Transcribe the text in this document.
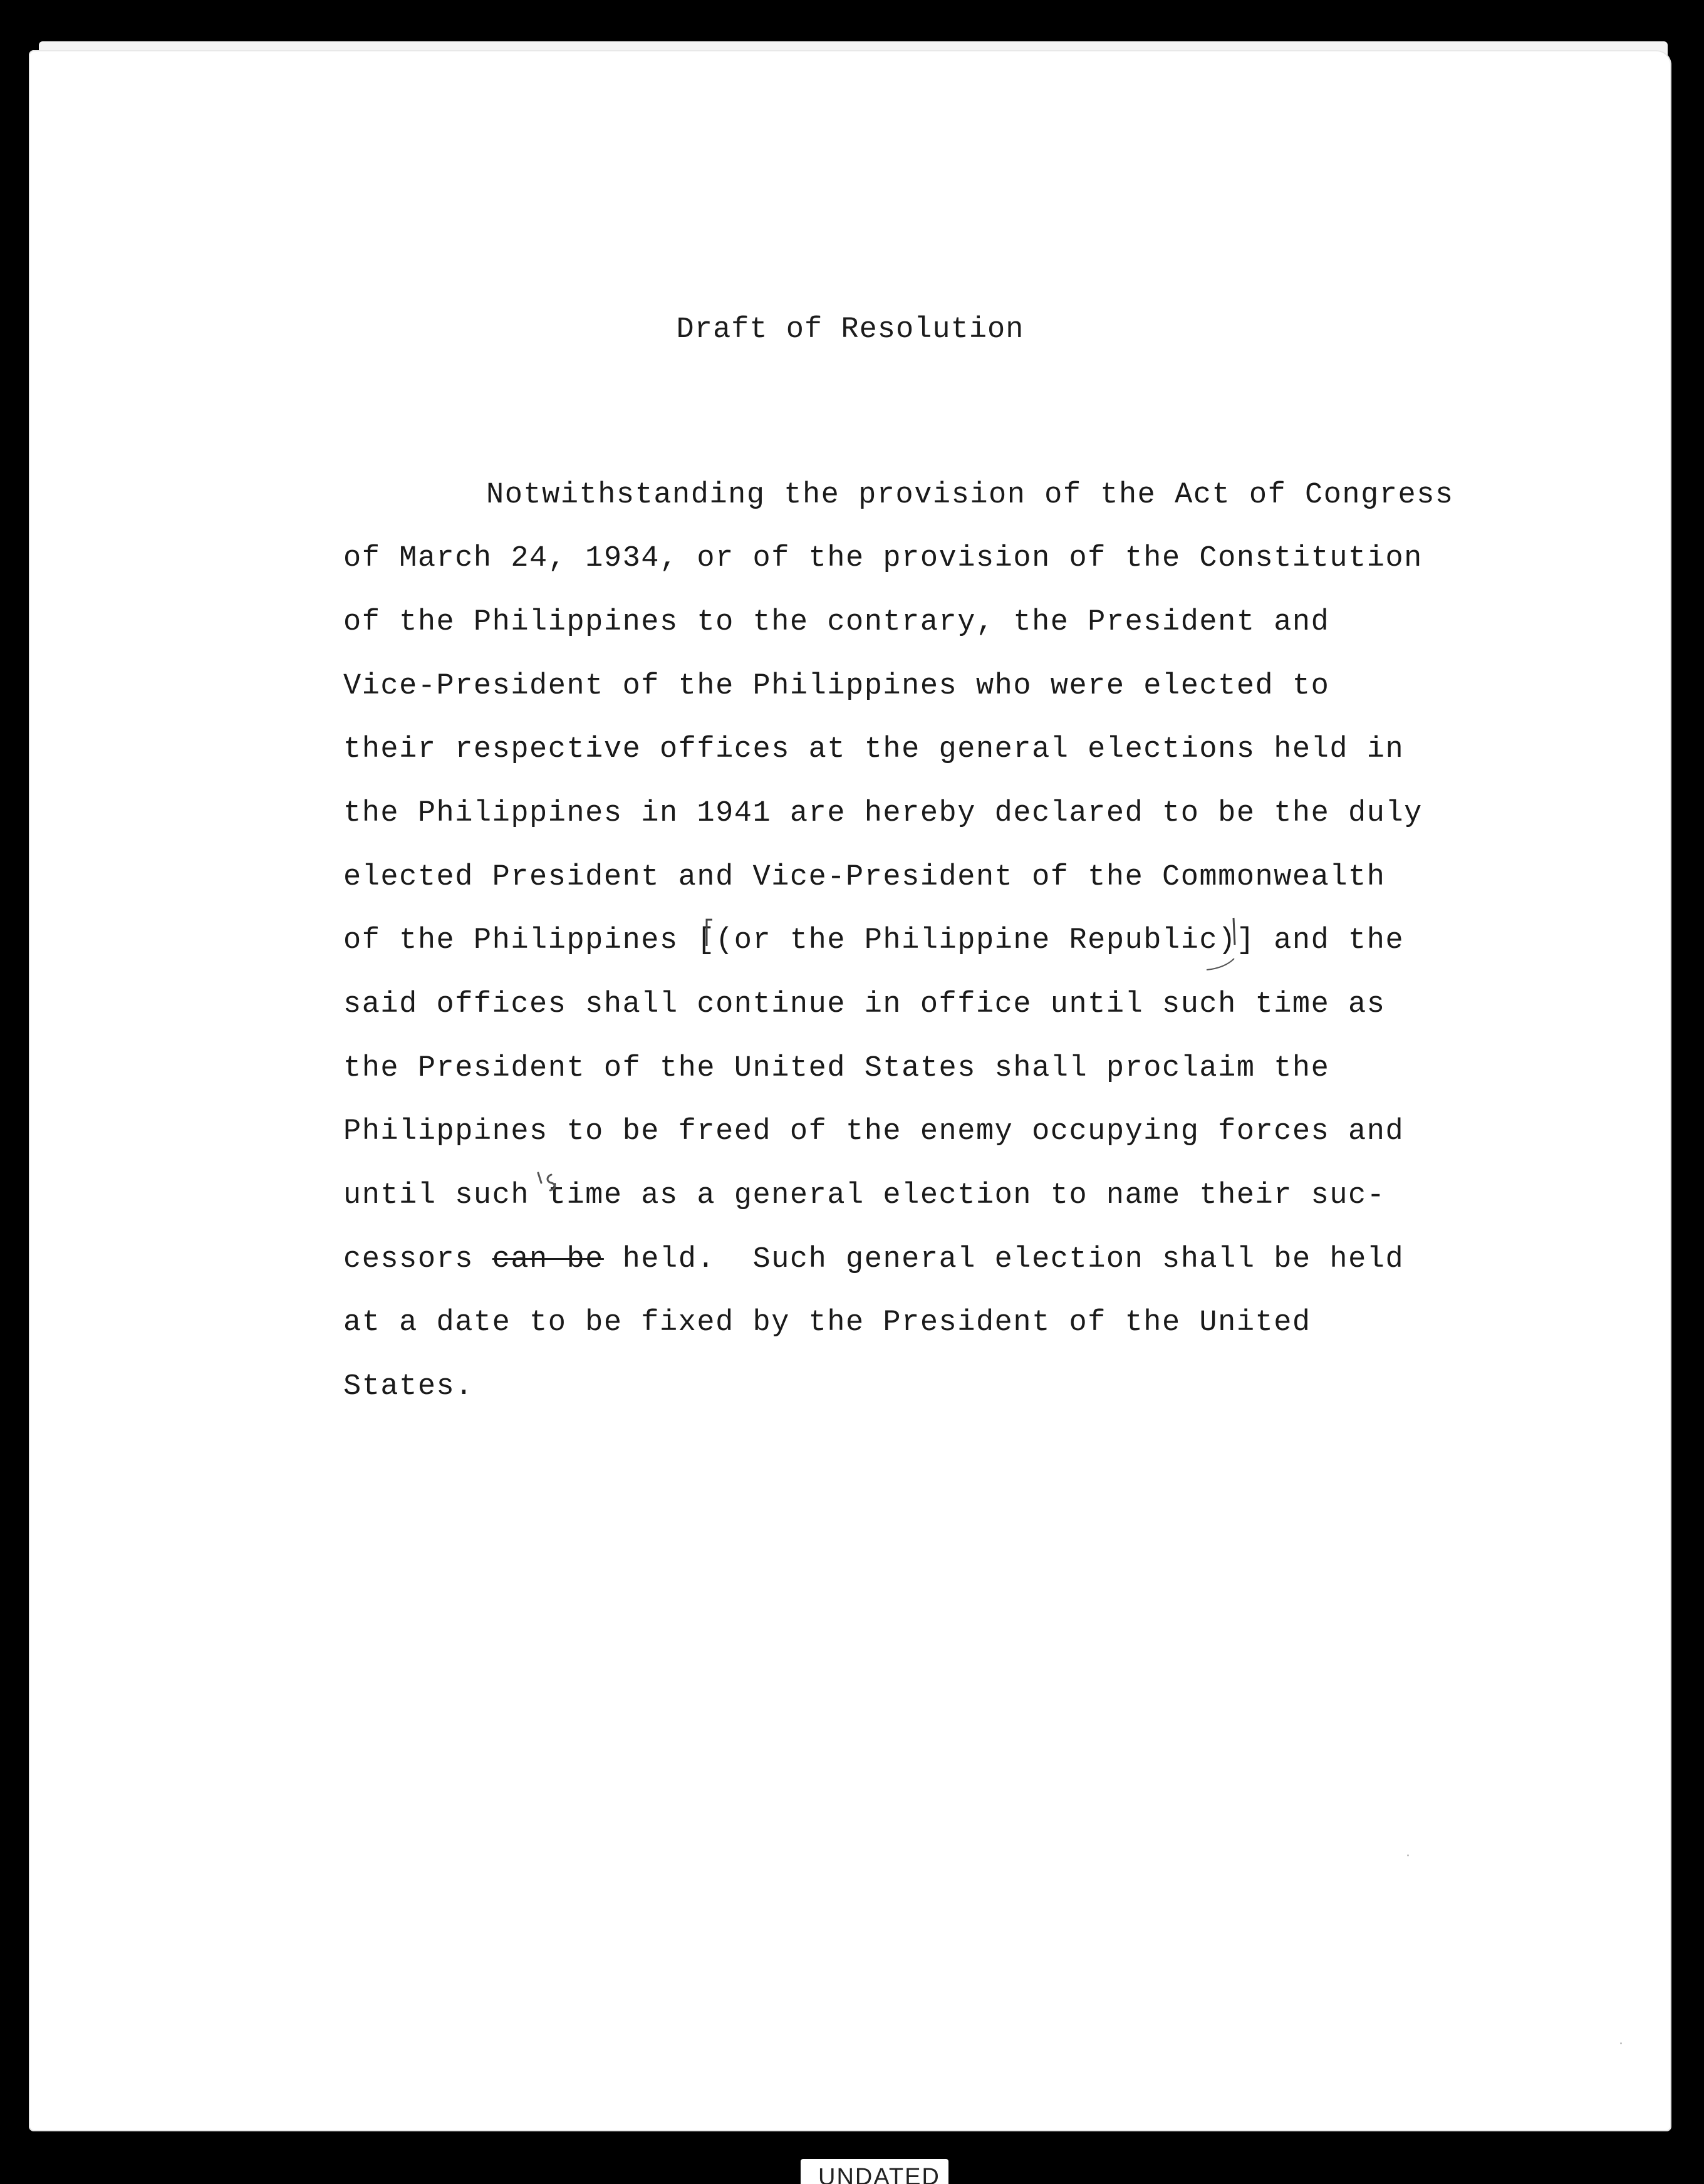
Draft of Resolution
Notwithstanding the provision of the Act of Congress
of March 24, 1934, or of the provision of the Constitution
of the Philippines to the contrary, the President and
Vice-President of the Philippines who were elected to
their respective offices at the general elections held in
the Philippines in 1941 are hereby declared to be the duly
elected President and Vice-President of the Commonwealth
of the Philippines [(or the Philippine Republic)] and the
said offices shall continue in office until such time as
the President of the United States shall proclaim the
Philippines to be freed of the enemy occupying forces and
until such time as a general election to name their suc-
cessors can be held.  Such general election shall be held
at a date to be fixed by the President of the United
States.
UNDATED
